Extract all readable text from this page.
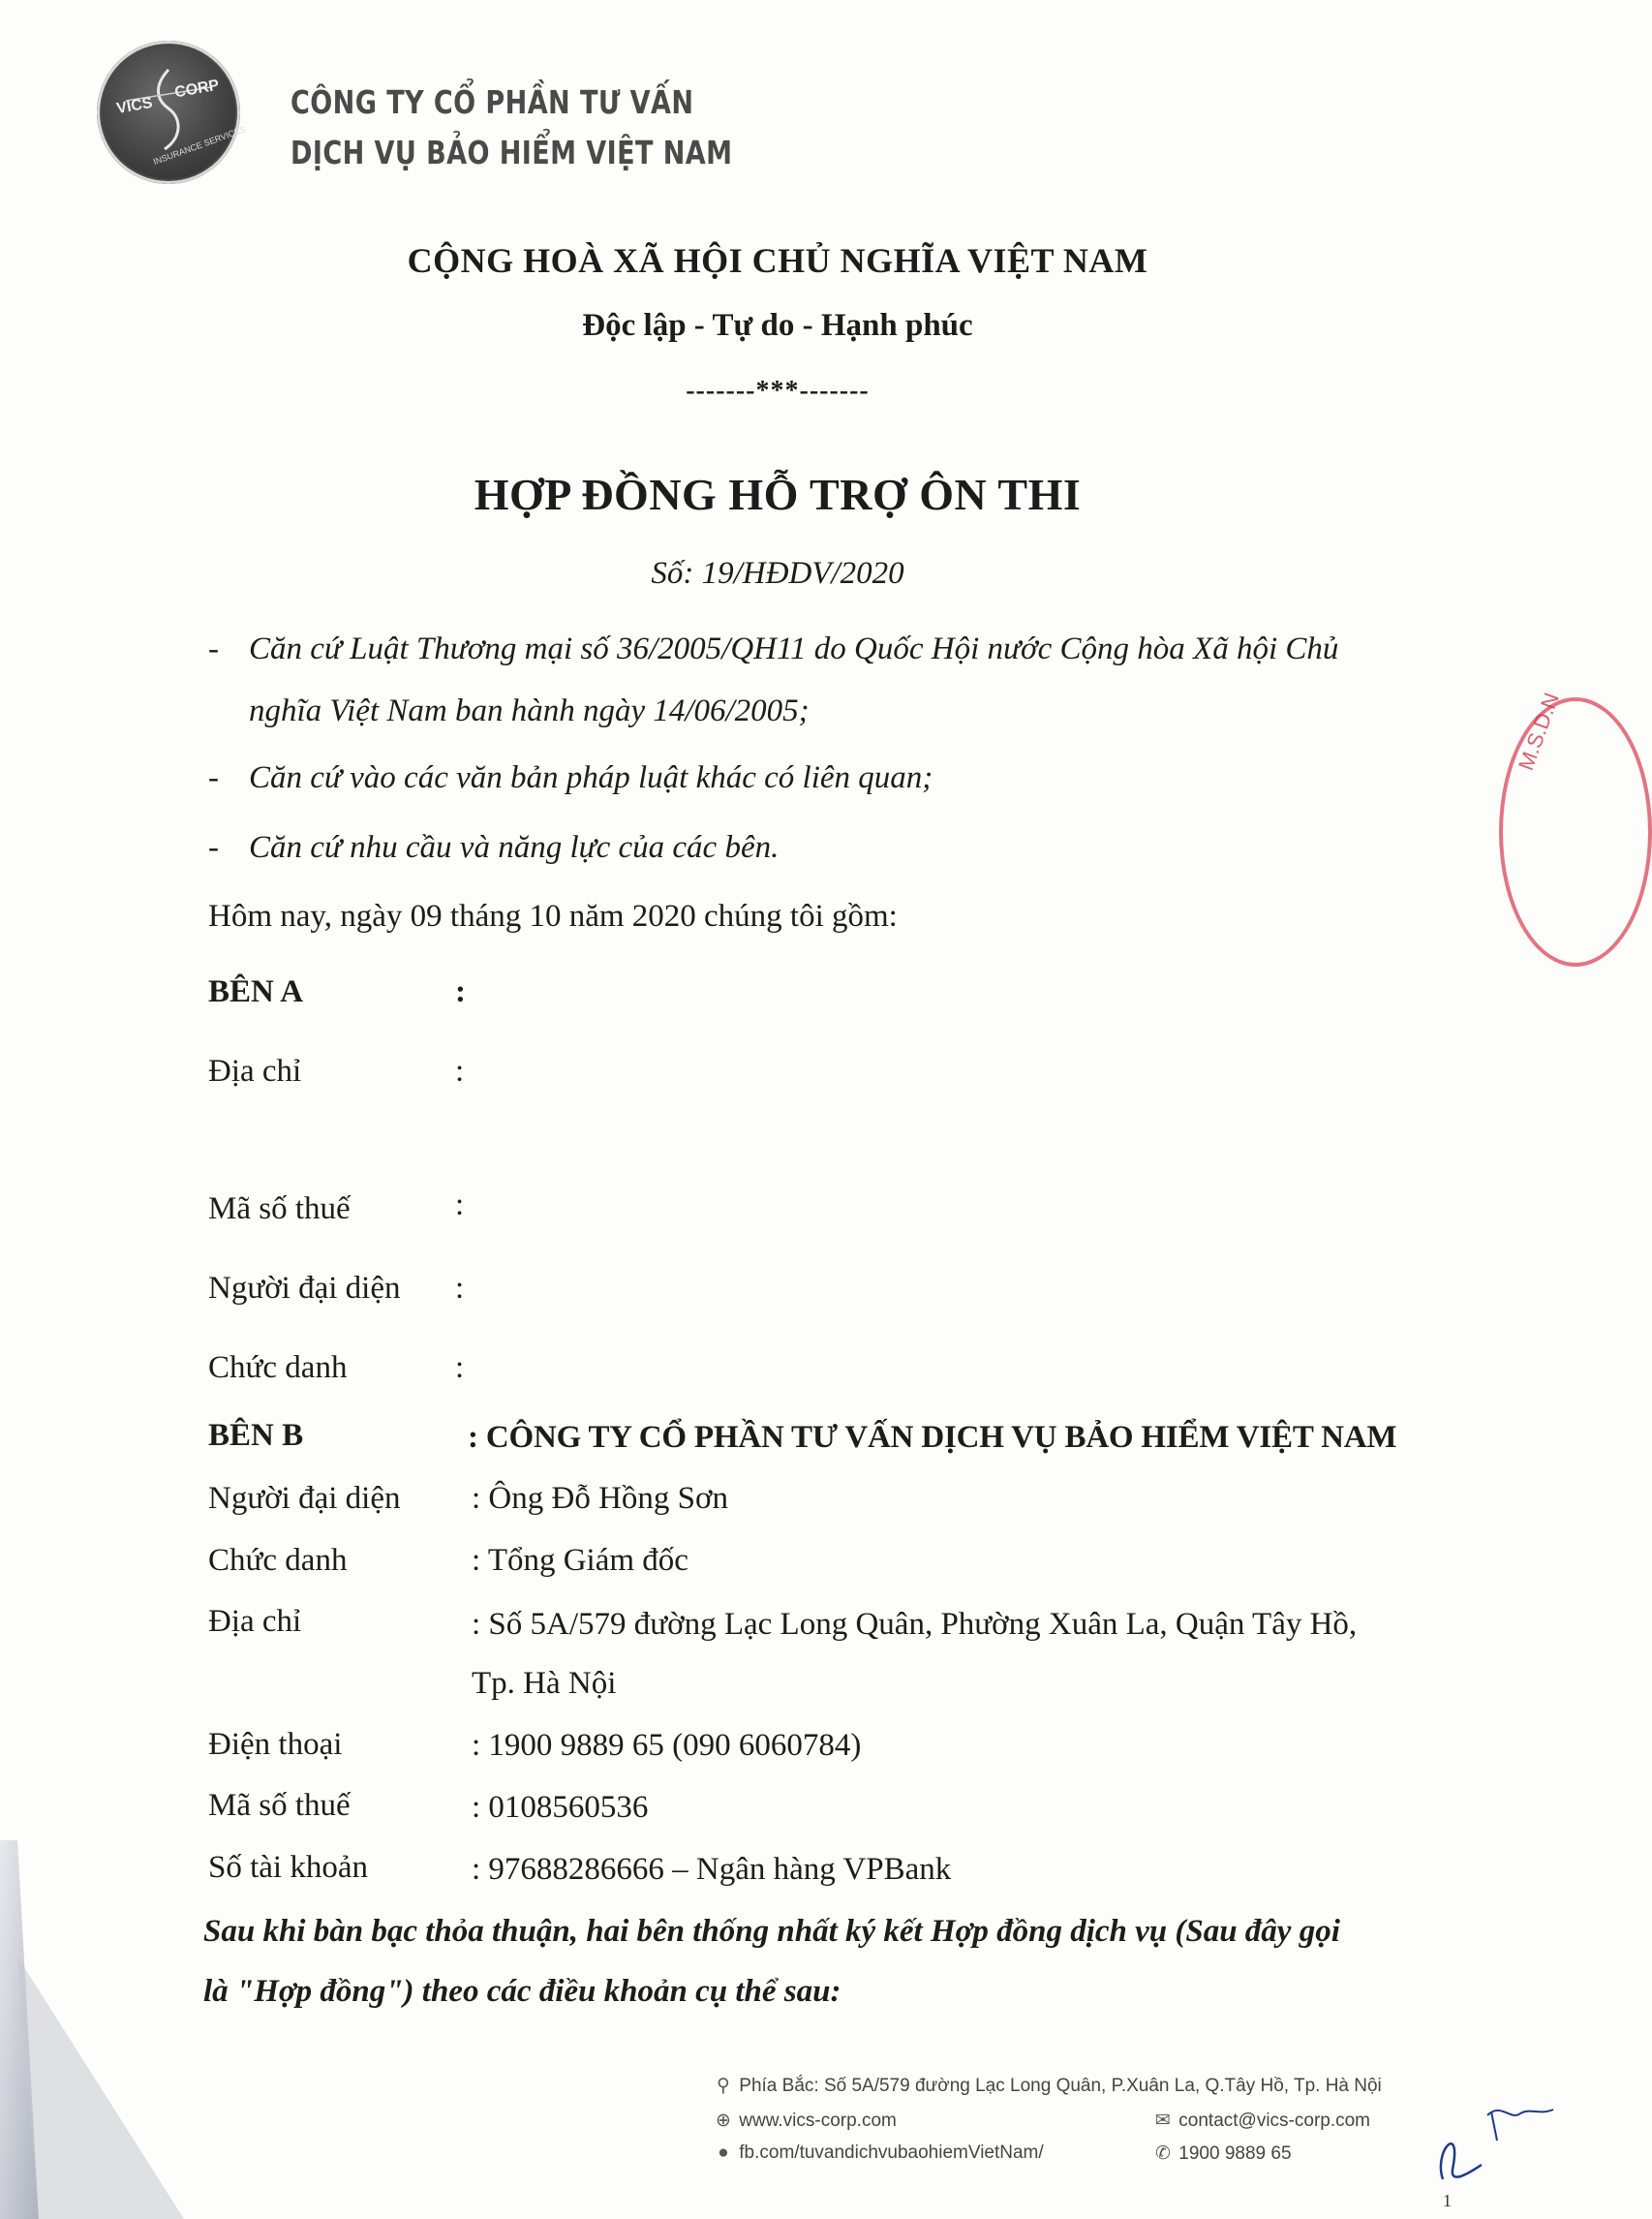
VICS
CORP
INSURANCE SERVICES
CÔNG TY CỔ PHẦN TƯ VẤN
DỊCH VỤ BẢO HIỂM VIỆT NAM
CỘNG HOÀ XÃ HỘI CHỦ NGHĨA VIỆT NAM
Độc lập - Tự do - Hạnh phúc
-------***-------
HỢP ĐỒNG HỖ TRỢ ÔN THI
Số: 19/HĐDV/2020
- Căn cứ Luật Thương mại số 36/2005/QH11 do Quốc Hội nước Cộng hòa Xã hội Chủ
nghĩa Việt Nam ban hành ngày 14/06/2005;
- Căn cứ vào các văn bản pháp luật khác có liên quan;
- Căn cứ nhu cầu và năng lực của các bên.
Hôm nay, ngày 09 tháng 10 năm 2020 chúng tôi gồm:
BÊN A	:
Địa chỉ	:
Mã số thuế	:
Người đại diện :
Chức danh	:
BÊN B	: CÔNG TY CỔ PHẦN TƯ VẤN DỊCH VỤ BẢO HIỂM VIỆT NAM
Người đại diện : Ông Đỗ Hồng Sơn
Chức danh	: Tổng Giám đốc
Địa chỉ	: Số 5A/579 đường Lạc Long Quân, Phường Xuân La, Quận Tây Hồ,
Tp. Hà Nội
Điện thoại	: 1900 9889 65 (090 6060784)
Mã số thuế	: 0108560536
Số tài khoản	: 97688286666 – Ngân hàng VPBank
Sau khi bàn bạc thỏa thuận, hai bên thống nhất ký kết Hợp đồng dịch vụ (Sau đây gọi
là "Hợp đồng") theo các điều khoản cụ thể sau:
M.S.D.N
⚲ Phía Bắc: Số 5A/579 đường Lạc Long Quân, P.Xuân La, Q.Tây Hồ, Tp. Hà Nội
⊕ www.vics-corp.com
● fb.com/tuvandichvubaohiemVietNam/
✉ contact@vics-corp.com
✆ 1900 9889 65
1
